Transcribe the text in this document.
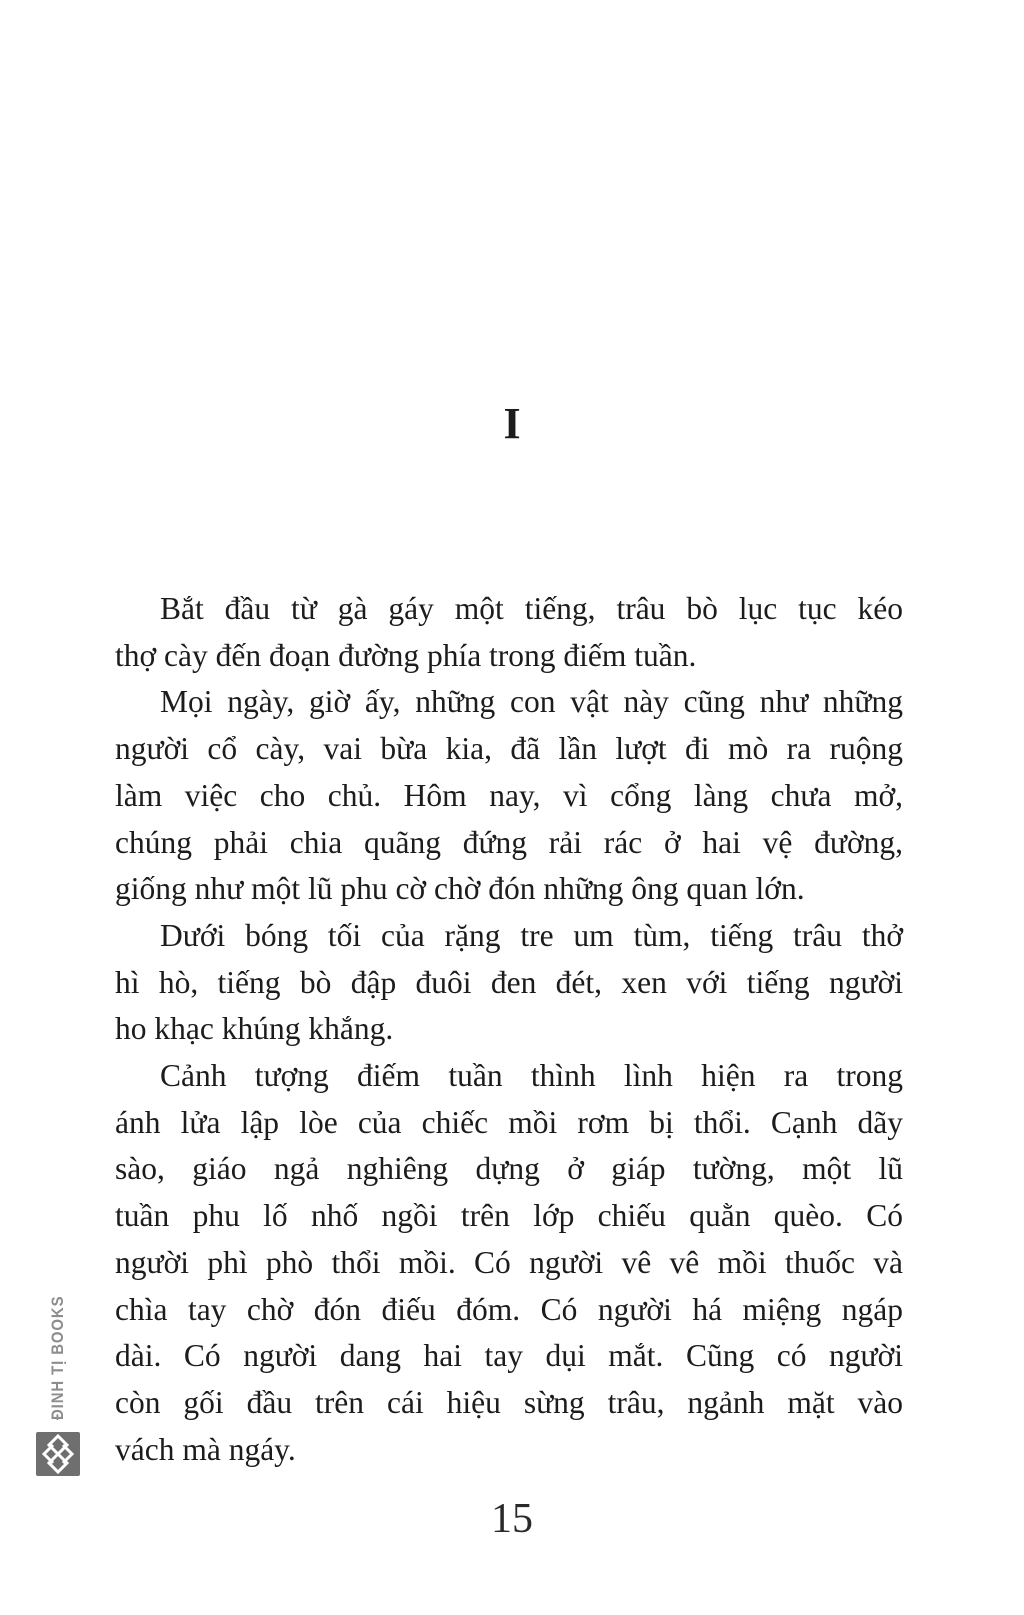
I
Bắt đầu từ gà gáy một tiếng, trâu bò lục tục kéo
thợ cày đến đoạn đường phía trong điếm tuần.
Mọi ngày, giờ ấy, những con vật này cũng như những
người cổ cày, vai bừa kia, đã lần lượt đi mò ra ruộng
làm việc cho chủ. Hôm nay, vì cổng làng chưa mở,
chúng phải chia quãng đứng rải rác ở hai vệ đường,
giống như một lũ phu cờ chờ đón những ông quan lớn.
Dưới bóng tối của rặng tre um tùm, tiếng trâu thở
hì hò, tiếng bò đập đuôi đen đét, xen với tiếng người
ho khạc khúng khắng.
Cảnh tượng điếm tuần thình lình hiện ra trong
ánh lửa lập lòe của chiếc mồi rơm bị thổi. Cạnh dãy
sào, giáo ngả nghiêng dựng ở giáp tường, một lũ
tuần phu lố nhố ngồi trên lớp chiếu quằn quèo. Có
người phì phò thổi mồi. Có người vê vê mồi thuốc và
chìa tay chờ đón điếu đóm. Có người há miệng ngáp
dài. Có người dang hai tay dụi mắt. Cũng có người
còn gối đầu trên cái hiệu sừng trâu, ngảnh mặt vào
vách mà ngáy.
ĐINH TỊ BOOKS
15
